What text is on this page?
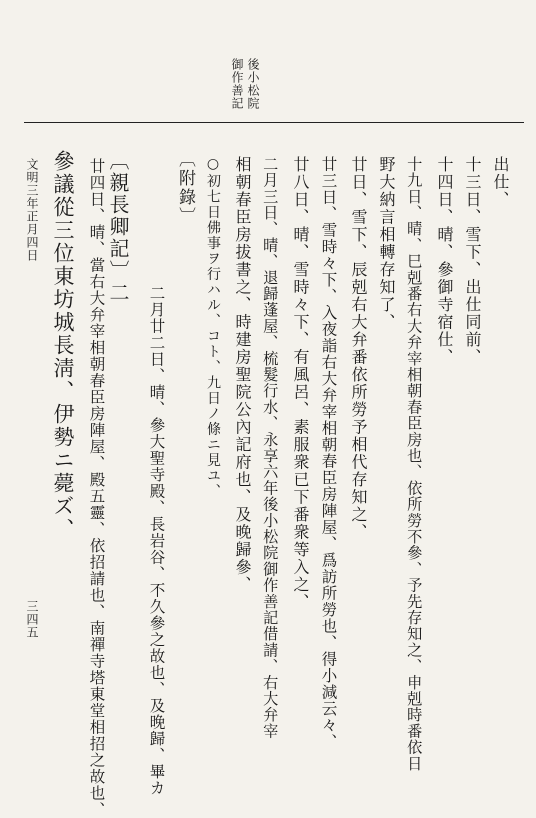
後小松院
御作善記
出仕、
十三日、雪下、出仕同前、
十四日、晴、參御寺宿仕、
十九日、晴、巳剋番右大弁宰相朝春臣房也、依所勞不參、予先存知之、申剋時番依日
野大納言相轉存知了、
廿日、雪下、辰剋右大弁番依所勞予相代存知之、
廿三日、雪時々下、入夜詣右大弁宰相朝春臣房陣屋、爲訪所勞也、得小減云々、
廿八日、晴、雪時々下、有風呂、素服衆已下番衆等入之、
二月三日、晴、退歸蓬屋、梳髮行水、永享六年後小松院御作善記借請、右大弁宰
相朝春臣房拔書之、時建房聖院公內記府也、及晚歸參、
○初七日佛事ヲ行ハル、コト、九日ノ條ニ見ユ、
〔附錄〕
二月廿二日、晴、參大聖寺殿、長岩谷、不久參之故也、及晚歸、畢カ
〔親長卿記〕二
廿四日、晴、當右大弁宰相朝春臣房陣屋、殿五靈、依招請也、南禪寺塔東堂相招之故也、
參議從三位東坊城長淸、伊勢ニ薨ズ、
文明三年正月四日
三四五
